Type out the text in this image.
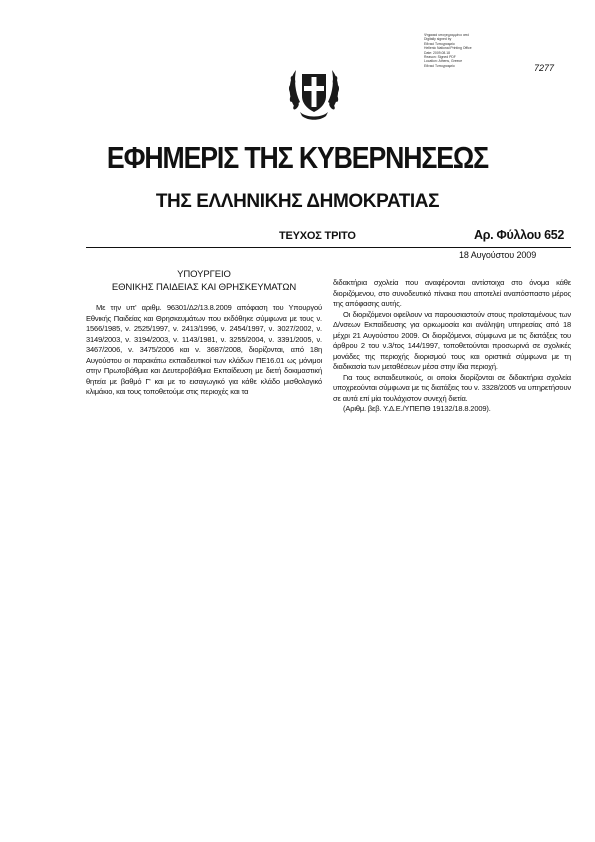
Ψηφιακά υπογεγραμμένο από
Digitally signed by
Εθνικό Τυπογραφείο
Hellenic National Printing Office
Date: 2009.08.18
Reason: Signed PDF
Location: Athens, Greece
Εθνικό Τυπογραφείο	7277
ΕΦΗΜΕΡΙΣ ΤΗΣ ΚΥΒΕΡΝΗΣΕΩΣ
ΤΗΣ ΕΛΛΗΝΙΚΗΣ ΔΗΜΟΚΡΑΤΙΑΣ
ΤΕΥΧΟΣ ΤΡΙΤΟ	Αρ. Φύλλου 652
18 Αυγούστου 2009
ΥΠΟΥΡΓΕΙΟ
ΕΘΝΙΚΗΣ ΠΑΙΔΕΙΑΣ ΚΑΙ ΘΡΗΣΚΕΥΜΑΤΩΝ

Με την υπ' αριθμ. 96301/Δ2/13.8.2009 απόφαση του Υπουργού Εθνικής Παιδείας και Θρησκευμάτων που εκδόθηκε σύμφωνα με τους ν. 1566/1985, ν. 2525/1997, ν. 2413/1996, ν. 2454/1997, ν. 3027/2002, ν. 3149/2003, ν. 3194/2003, ν. 1143/1981, ν. 3255/2004, ν. 3391/2005, ν. 3467/2006, ν. 3475/2006 και ν. 3687/2008, διορίζονται, από 18η Αυγούστου οι παρακάτω εκπαιδευτικοί των κλάδων ΠΕ16.01 ως μόνιμοι στην Πρωτοβάθμια και Δευτεροβάθμια Εκπαίδευση με διετή δοκιμαστική θητεία με βαθμό Γ' και με το εισαγωγικό για κάθε κλάδο μισθολογικό κλιμάκιο, και τους τοποθετούμε στις περιοχές και τα

διδακτήρια σχολεία που αναφέρονται αντίστοιχα στο όνομα κάθε διοριζόμενου, στο συνοδευτικό πίνακα που αποτελεί αναπόσπαστο μέρος της απόφασης αυτής.

Οι διοριζόμενοι οφείλουν να παρουσιαστούν στους προϊσταμένους των Δ/νσεων Εκπαίδευσης για ορκωμοσία και ανάληψη υπηρεσίας από 18 μέχρι 21 Αυγούστου 2009. Οι διοριζόμενοι, σύμφωνα με τις διατάξεις του άρθρου 2 του ν.3/τος 144/1997, τοποθετούνται προσωρινά σε σχολικές μονάδες της περιοχής διορισμού τους και οριστικά σύμφωνα με τη διαδικασία των μεταθέσεων μέσα στην ίδια περιοχή.

Για τους εκπαιδευτικούς, οι οποίοι διορίζονται σε διδακτήρια σχολεία υποχρεούνται σύμφωνα με τις διατάξεις του ν. 3328/2005 να υπηρετήσουν σε αυτά επί μία τουλάχιστον συνεχή διετία.

(Αριθμ. βεβ. Υ.Δ.Ε./ΥΠΕΠΘ 19132/18.8.2009).
